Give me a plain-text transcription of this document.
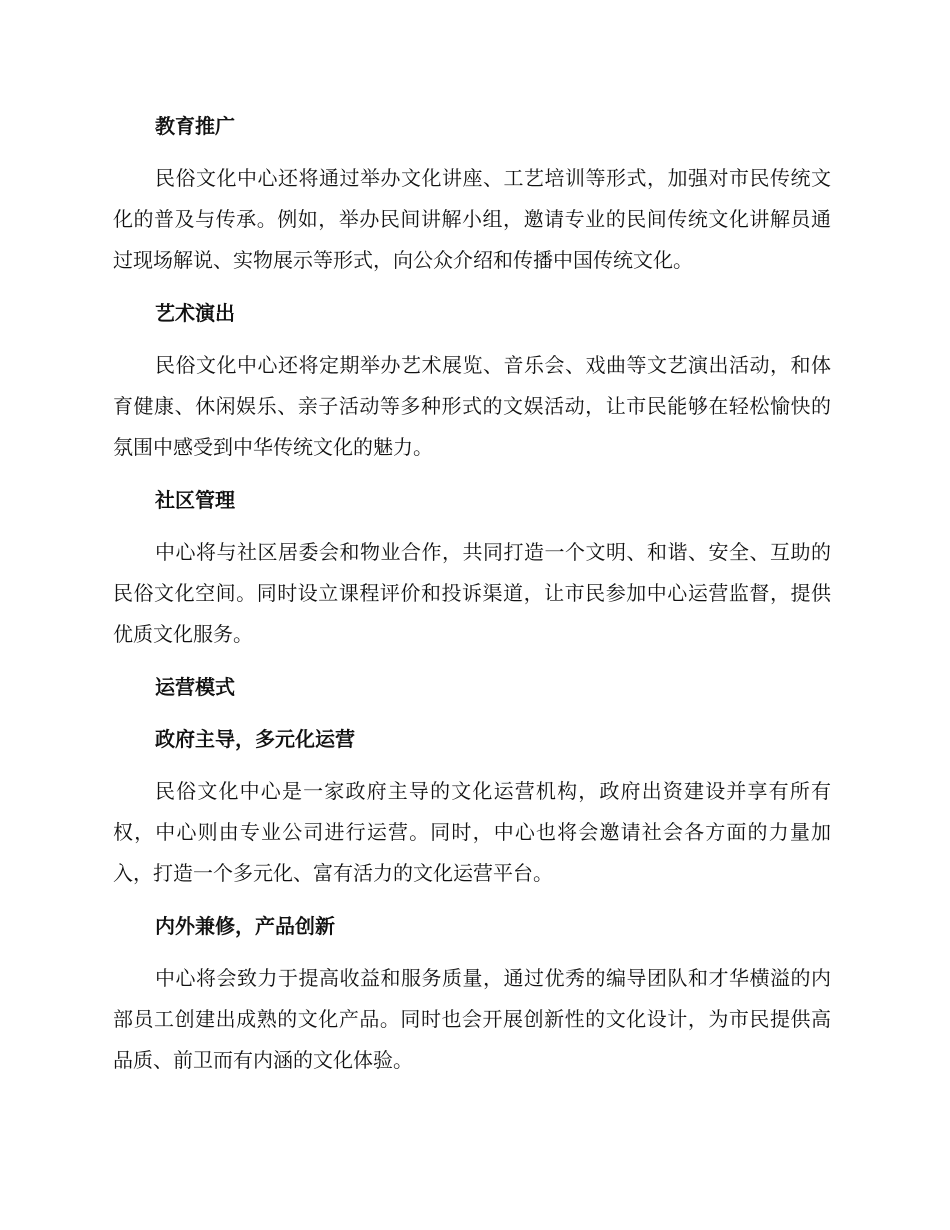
教育推广

民俗文化中心还将通过举办文化讲座、工艺培训等形式，加强对市民传统文化的普及与传承。例如，举办民间讲解小组，邀请专业的民间传统文化讲解员通过现场解说、实物展示等形式，向公众介绍和传播中国传统文化。

艺术演出

民俗文化中心还将定期举办艺术展览、音乐会、戏曲等文艺演出活动，和体育健康、休闲娱乐、亲子活动等多种形式的文娱活动，让市民能够在轻松愉快的氛围中感受到中华传统文化的魅力。

社区管理

中心将与社区居委会和物业合作，共同打造一个文明、和谐、安全、互助的民俗文化空间。同时设立课程评价和投诉渠道，让市民参加中心运营监督，提供优质文化服务。

运营模式
政府主导，多元化运营

民俗文化中心是一家政府主导的文化运营机构，政府出资建设并享有所有权，中心则由专业公司进行运营。同时，中心也将会邀请社会各方面的力量加入，打造一个多元化、富有活力的文化运营平台。

内外兼修，产品创新

中心将会致力于提高收益和服务质量，通过优秀的编导团队和才华横溢的内部员工创建出成熟的文化产品。同时也会开展创新性的文化设计，为市民提供高品质、前卫而有内涵的文化体验。
